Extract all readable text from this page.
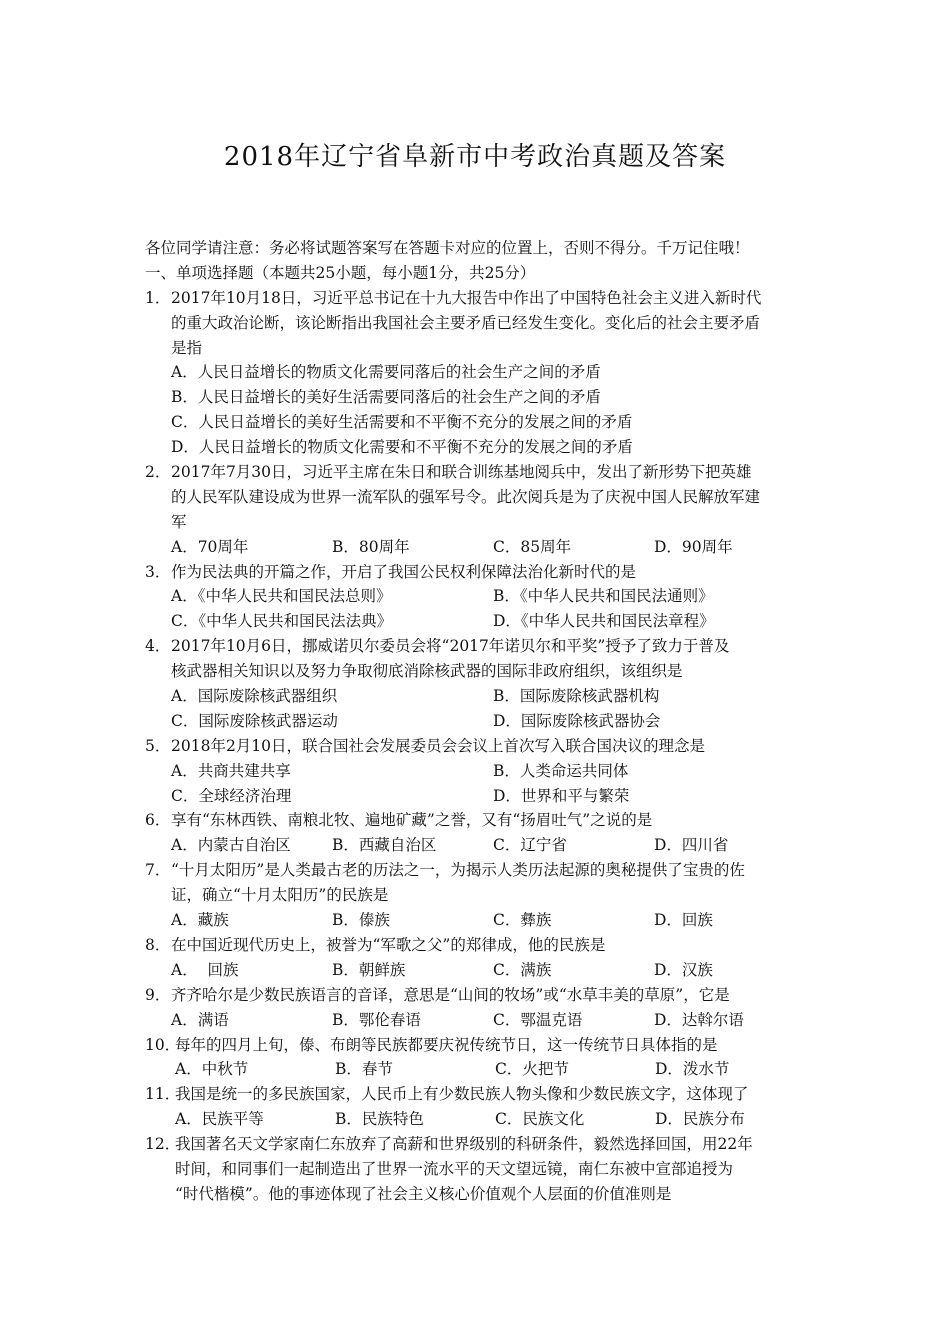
2018年辽宁省阜新市中考政治真题及答案
各位同学请注意：务必将试题答案写在答题卡对应的位置上，否则不得分。千万记住哦！
一、单项选择题（本题共25小题，每小题1分，共25分）
1． 2017年10月18日，习近平总书记在十九大报告中作出了中国特色社会主义进入新时代
的重大政治论断，该论断指出我国社会主要矛盾已经发生变化。变化后的社会主要矛盾
是指
A．人民日益增长的物质文化需要同落后的社会生产之间的矛盾
B．人民日益增长的美好生活需要同落后的社会生产之间的矛盾
C．人民日益增长的美好生活需要和不平衡不充分的发展之间的矛盾
D．人民日益增长的物质文化需要和不平衡不充分的发展之间的矛盾
2． 2017年7月30日，习近平主席在朱日和联合训练基地阅兵中，发出了新形势下把英雄
的人民军队建设成为世界一流军队的强军号令。此次阅兵是为了庆祝中国人民解放军建
军
A．70周年	B．80周年	C．85周年	D．90周年
3． 作为民法典的开篇之作，开启了我国公民权利保障法治化新时代的是
A．《中华人民共和国民法总则》	B．《中华人民共和国民法通则》
C．《中华人民共和国民法法典》	D．《中华人民共和国民法章程》
4． 2017年10月6日，挪威诺贝尔委员会将“2017年诺贝尔和平奖”授予了致力于普及
核武器相关知识以及努力争取彻底消除核武器的国际非政府组织，该组织是
A．国际废除核武器组织	B．国际废除核武器机构
C．国际废除核武器运动	D．国际废除核武器协会
5． 2018年2月10日，联合国社会发展委员会会议上首次写入联合国决议的理念是
A．共商共建共享	B．人类命运共同体
C．全球经济治理	D．世界和平与繁荣
6． 享有“东林西铁、南粮北牧、遍地矿藏”之誉，又有“扬眉吐气”之说的是
A．内蒙古自治区	B．西藏自治区	C．辽宁省	D．四川省
7． “十月太阳历”是人类最古老的历法之一，为揭示人类历法起源的奥秘提供了宝贵的佐
证，确立“十月太阳历”的民族是
A．藏族	B．傣族	C．彝族	D．回族
8． 在中国近现代历史上，被誉为“军歌之父”的郑律成，他的民族是
A．  回族	B．朝鲜族	C．满族	D．汉族
9． 齐齐哈尔是少数民族语言的音译，意思是“山间的牧场”或“水草丰美的草原”，它是
A．满语	B．鄂伦春语	C．鄂温克语	D．达斡尔语
10．
每年的四月上旬，傣、布朗等民族都要庆祝传统节日，这一传统节日具体指的是
A．中秋节	B．春节	C．火把节	D．泼水节
11．
我国是统一的多民族国家，人民币上有少数民族人物头像和少数民族文字，这体现了
A．民族平等	B．民族特色	C．民族文化	D．民族分布
12．
我国著名天文学家南仁东放弃了高薪和世界级别的科研条件，毅然选择回国，用22年
时间，和同事们一起制造出了世界一流水平的天文望远镜，南仁东被中宣部追授为
“时代楷模”。他的事迹体现了社会主义核心价值观个人层面的价值准则是
